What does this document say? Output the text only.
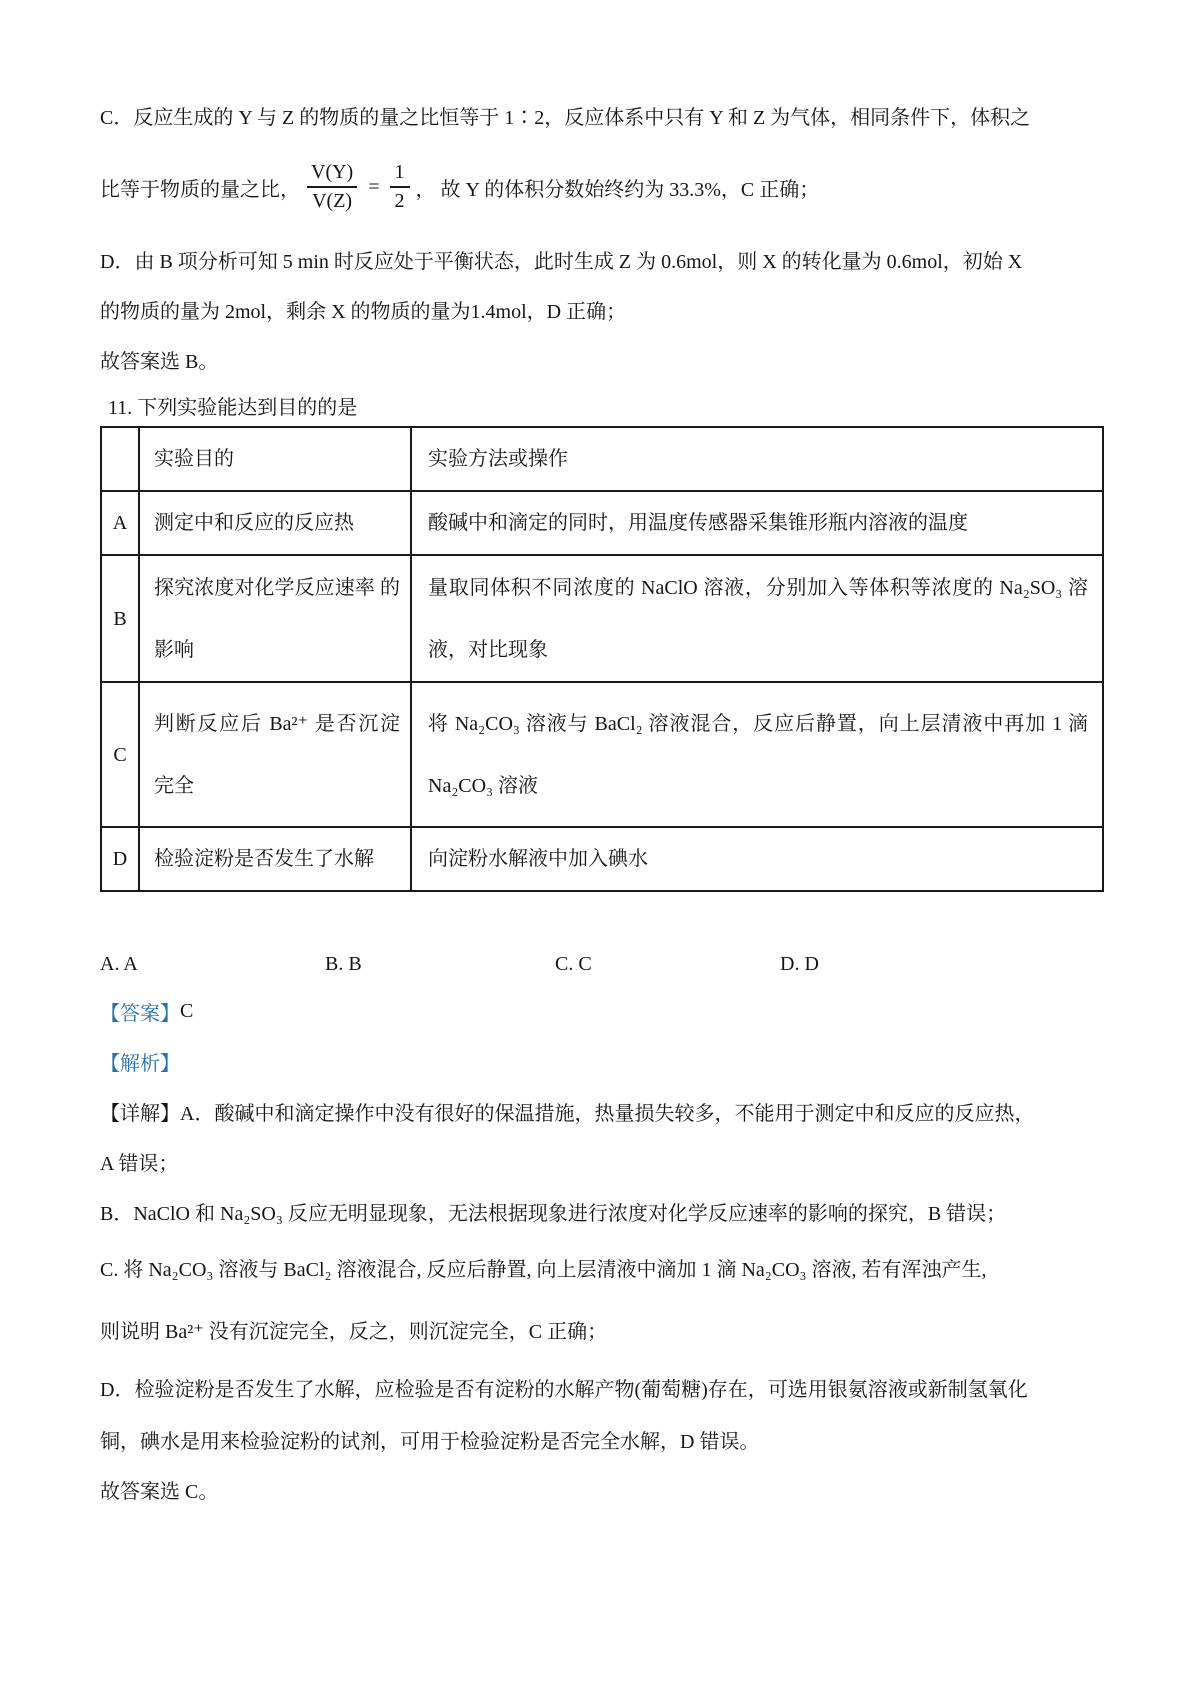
C．反应生成的 Y 与 Z 的物质的量之比恒等于 1∶2，反应体系中只有 Y 和 Z 为气体，相同条件下，体积之
比等于物质的量之比， $\frac{V(Y)}{V(Z)} = \frac{1}{2}$ ， 故 Y 的体积分数始终约为 33.3%，C 正确；
D．由 B 项分析可知 5 min 时反应处于平衡状态，此时生成 Z 为 0.6mol，则 X 的转化量为 0.6mol，初始 X
的物质的量为 2mol，剩余 X 的物质的量为1.4mol，D 正确；
故答案选 B。
11. 下列实验能达到目的的是
	实验目的	实验方法或操作
A	测定中和反应的反应热	酸碱中和滴定的同时，用温度传感器采集锥形瓶内溶液的温度
B	探究浓度对化学反应速率 的影响	量取同体积不同浓度的 NaClO 溶液，分别加入等体积等浓度的 Na₂SO₃ 溶液，对比现象
C	判断反应后 Ba²⁺ 是否沉淀 完全	将 Na₂CO₃ 溶液与 BaCl₂ 溶液混合，反应后静置，向上层清液中再加 1 滴 Na₂CO₃ 溶液
D	检验淀粉是否发生了水解	向淀粉水解液中加入碘水
A. A	B. B	C. C	D. D
【答案】 C
【解析】
【详解】A．酸碱中和滴定操作中没有很好的保温措施，热量损失较多，不能用于测定中和反应的反应热，
A 错误；
B．NaClO 和 Na₂SO₃ 反应无明显现象，无法根据现象进行浓度对化学反应速率的影响的探究，B 错误；
C. 将 Na₂CO₃ 溶液与 BaCl₂ 溶液混合, 反应后静置, 向上层清液中滴加 1 滴 Na₂CO₃ 溶液, 若有浑浊产生,
则说明 Ba²⁺ 没有沉淀完全，反之，则沉淀完全，C 正确；
D．检验淀粉是否发生了水解，应检验是否有淀粉的水解产物(葡萄糖)存在，可选用银氨溶液或新制氢氧化
铜，碘水是用来检验淀粉的试剂，可用于检验淀粉是否完全水解，D 错误。
故答案选 C。
